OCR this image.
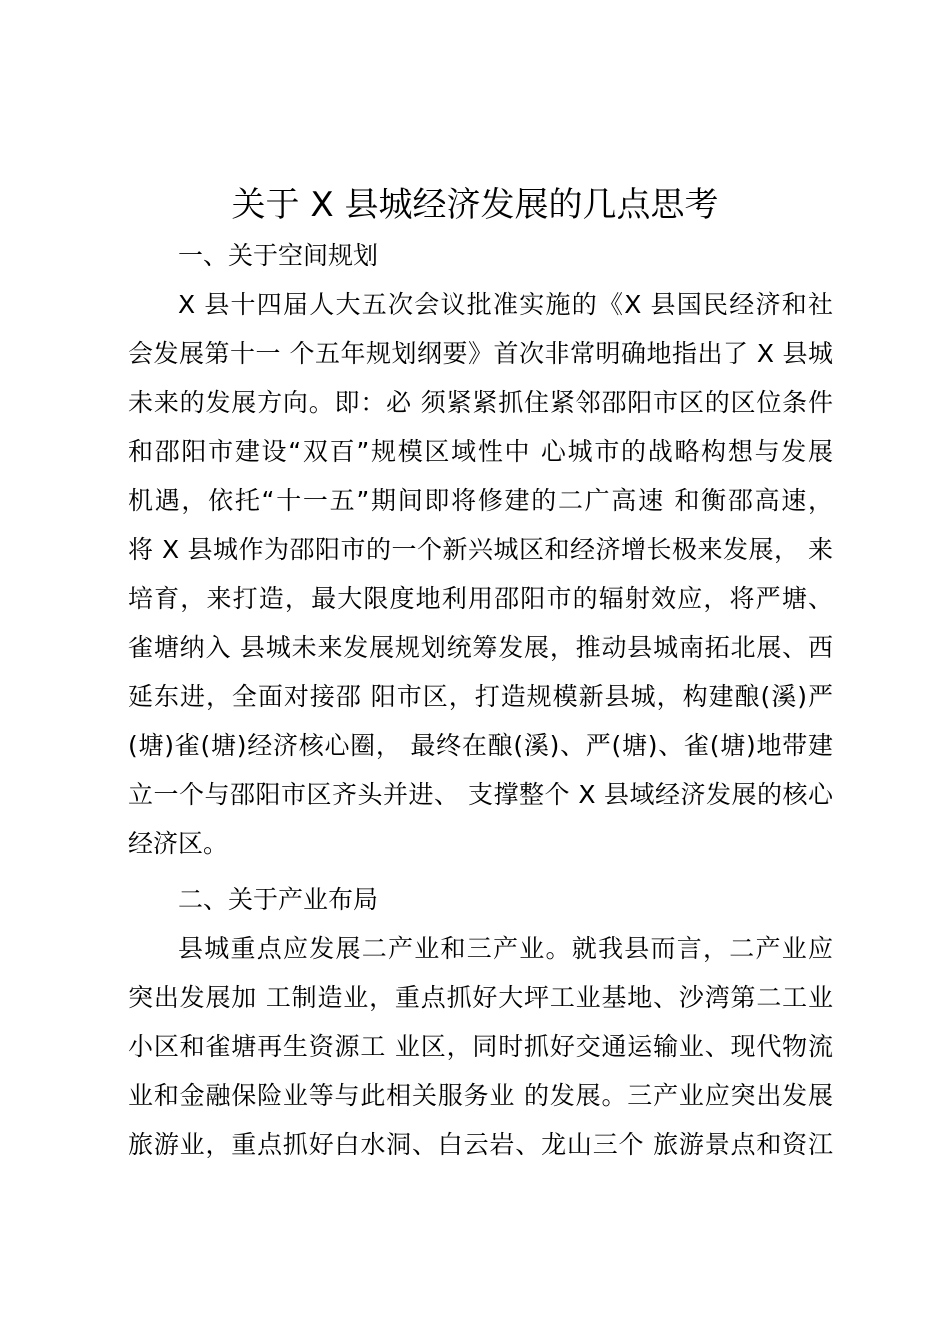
关于 X 县城经济发展的几点思考
一、关于空间规划
X 县十四届人大五次会议批准实施的《X 县国民经济和社
会发展第十一 个五年规划纲要》首次非常明确地指出了 X 县城
未来的发展方向。即：必 须紧紧抓住紧邻邵阳市区的区位条件
和邵阳市建设“双百”规模区域性中 心城市的战略构想与发展
机遇，依托“十一五”期间即将修建的二广高速 和衡邵高速，
将 X 县城作为邵阳市的一个新兴城区和经济增长极来发展， 来
培育，来打造，最大限度地利用邵阳市的辐射效应，将严塘、
雀塘纳入 县城未来发展规划统筹发展，推动县城南拓北展、西
延东进，全面对接邵 阳市区，打造规模新县城，构建酿(溪)严
(塘)雀(塘)经济核心圈， 最终在酿(溪)、严(塘)、雀(塘)地带建
立一个与邵阳市区齐头并进、 支撑整个 X 县域经济发展的核心
经济区。
二、关于产业布局
县城重点应发展二产业和三产业。就我县而言，二产业应
突出发展加 工制造业，重点抓好大坪工业基地、沙湾第二工业
小区和雀塘再生资源工 业区，同时抓好交通运输业、现代物流
业和金融保险业等与此相关服务业 的发展。三产业应突出发展
旅游业，重点抓好白水洞、白云岩、龙山三个 旅游景点和资江
